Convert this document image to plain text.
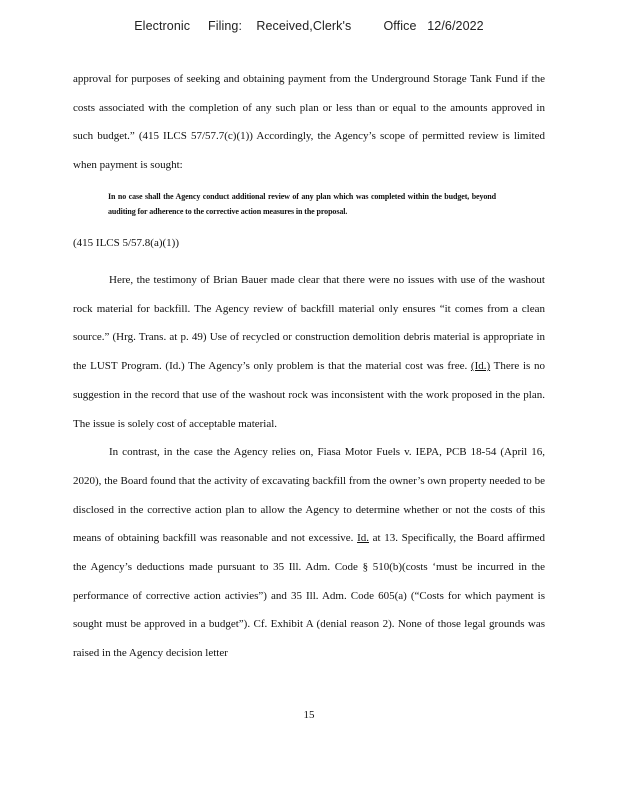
Electronic     Filing:    Received,Clerk's         Office   12/6/2022

approval for purposes of seeking and obtaining payment from the Underground Storage Tank Fund if the costs associated with the completion of any such plan or less than or equal to the amounts approved in such budget.” (415 ILCS 57/57.7(c)(1)) Accordingly, the Agency’s scope of permitted review is limited when payment is sought:

In no case shall the Agency conduct additional review of any plan which was completed within the budget, beyond auditing for adherence to the corrective action measures in the proposal.

(415 ILCS 5/57.8(a)(1))

Here, the testimony of Brian Bauer made clear that there were no issues with use of the washout rock material for backfill. The Agency review of backfill material only ensures “it comes from a clean source.” (Hrg. Trans. at p. 49) Use of recycled or construction demolition debris material is appropriate in the LUST Program. (Id.) The Agency’s only problem is that the material cost was free. (Id.) There is no suggestion in the record that use of the washout rock was inconsistent with the work proposed in the plan. The issue is solely cost of acceptable material.

In contrast, in the case the Agency relies on, Fiasa Motor Fuels v. IEPA, PCB 18-54 (April 16, 2020), the Board found that the activity of excavating backfill from the owner’s own property needed to be disclosed in the corrective action plan to allow the Agency to determine whether or not the costs of this means of obtaining backfill was reasonable and not excessive. Id. at 13. Specifically, the Board affirmed the Agency’s deductions made pursuant to 35 Ill. Adm. Code § 510(b)(costs ‘must be incurred in the performance of corrective action activies”) and 35 Ill. Adm. Code 605(a) (“Costs for which payment is sought must be approved in a budget”). Cf. Exhibit A (denial reason 2). None of those legal grounds was raised in the Agency decision letter

15
